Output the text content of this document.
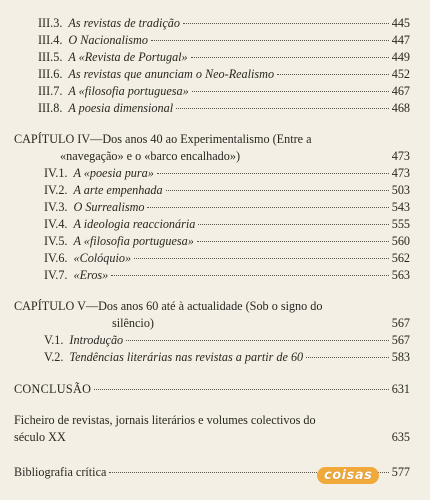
III.3. As revistas de tradição	445
III.4. O Nacionalismo	447
III.5. A «Revista de Portugal»	449
III.6. As revistas que anunciam o Neo-Realismo	452
III.7. A «filosofia portuguesa»	467
III.8. A poesia dimensional	468
CAPÍTULO IV—Dos anos 40 ao Experimentalismo (Entre a
«navegação» e o «barco encalhado»)	473
IV.1. A «poesia pura»	473
IV.2. A arte empenhada	503
IV.3. O Surrealismo	543
IV.4. A ideologia reaccionária	555
IV.5. A «filosofia portuguesa»	560
IV.6. «Colóquio»	562
IV.7. «Eros»	563
CAPÍTULO V—Dos anos 60 até à actualidade (Sob o signo do
silêncio)	567
V.1. Introdução	567
V.2. Tendências literárias nas revistas a partir de 60	583
CONCLUSÃO	631
Ficheiro de revistas, jornais literários e volumes colectivos do
século XX	635
Bibliografia crítica	577
coisas
